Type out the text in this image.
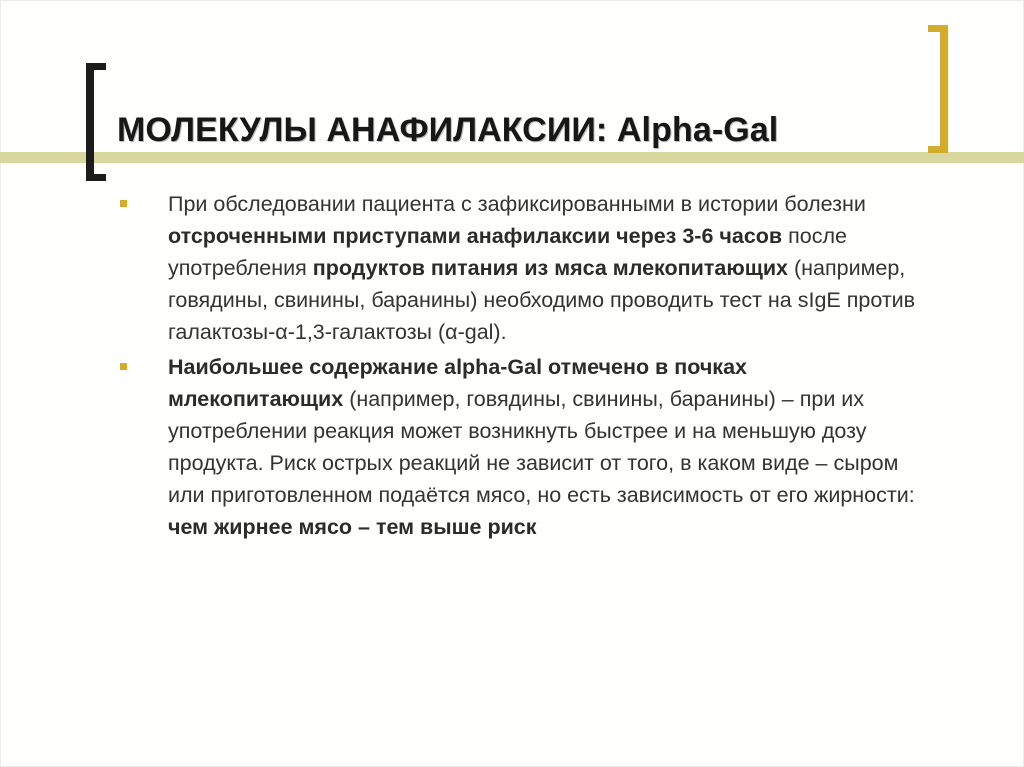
МОЛЕКУЛЫ АНАФИЛАКСИИ: Alpha-Gal
При обследовании пациента с зафиксированными в истории болезни отсроченными приступами анафилаксии через 3-6 часов после употребления продуктов питания из мяса млекопитающих (например, говядины, свинины, баранины) необходимо проводить тест на sIgE против галактозы-α-1,3-галактозы (α-gal).
Наибольшее содержание alpha-Gal отмечено в почках млекопитающих (например, говядины, свинины, баранины) – при их употреблении реакция может возникнуть быстрее и на меньшую дозу продукта. Риск острых реакций не зависит от того, в каком виде – сыром или приготовленном подаётся мясо, но есть зависимость от его жирности: чем жирнее мясо – тем выше риск
